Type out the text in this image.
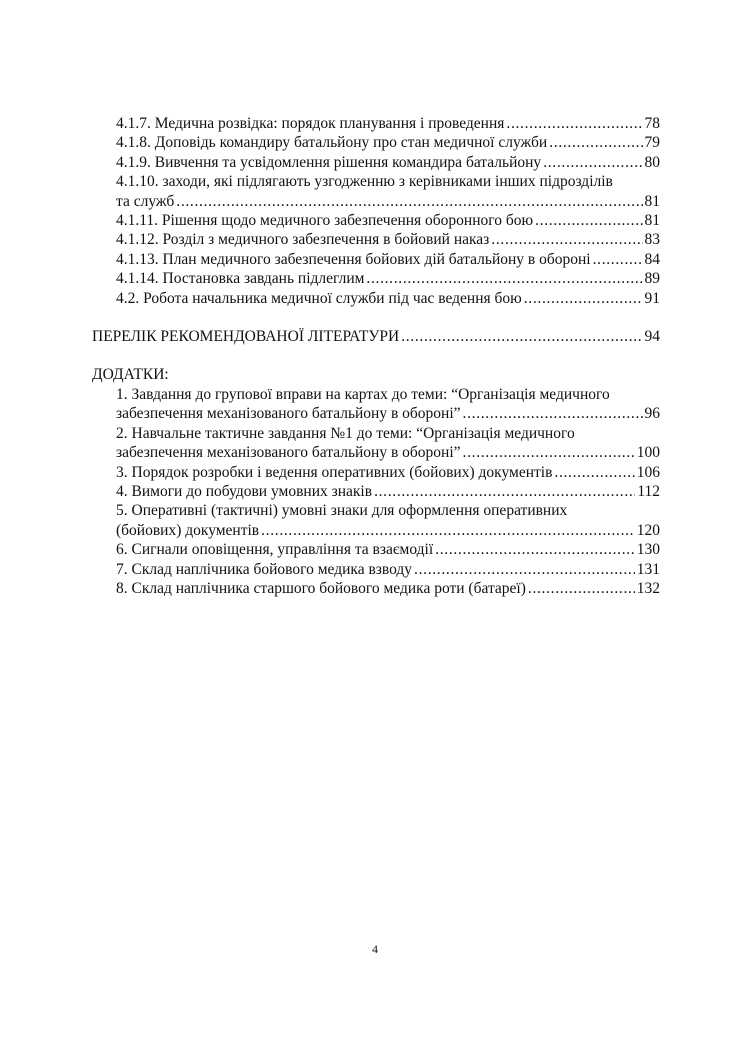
4.1.7. Медична розвідка: порядок планування і проведення . . .	78
4.1.8. Доповідь командиру батальйону про стан медичної служби . . .	79
4.1.9. Вивчення та усвідомлення рішення командира батальйону . . .	80
4.1.10. заходи, які підлягають узгодженню з керівниками інших підрозділів
та служб . . .	81
4.1.11. Рішення щодо медичного забезпечення оборонного бою . . .	81
4.1.12. Розділ з медичного забезпечення в бойовий наказ . . .	83
4.1.13. План медичного забезпечення бойових дій батальйону в обороні . . .	84
4.1.14. Постановка завдань підлеглим . . .	89
4.2. Робота начальника медичної служби під час ведення бою . . .	91
ПЕРЕЛІК РЕКОМЕНДОВАНОЇ ЛІТЕРАТУРИ . . .	94
ДОДАТКИ:
1. Завдання до групової вправи на картах до теми: “Організація медичного
забезпечення механізованого батальйону в обороні” . . .	96
2. Навчальне тактичне завдання №1 до теми: “Організація медичного
забезпечення механізованого батальйону в обороні” . . .	100
3. Порядок розробки і ведення оперативних (бойових) документів . . .	106
4. Вимоги до побудови умовних знаків . . .	112
5. Оперативні (тактичні) умовні знаки для оформлення оперативних
(бойових) документів . . .	120
6. Сигнали оповіщення, управління та взаємодії . . .	130
7. Склад наплічника бойового медика взводу . . .	131
8. Склад наплічника старшого бойового медика роти (батареї) . . .	132
4
